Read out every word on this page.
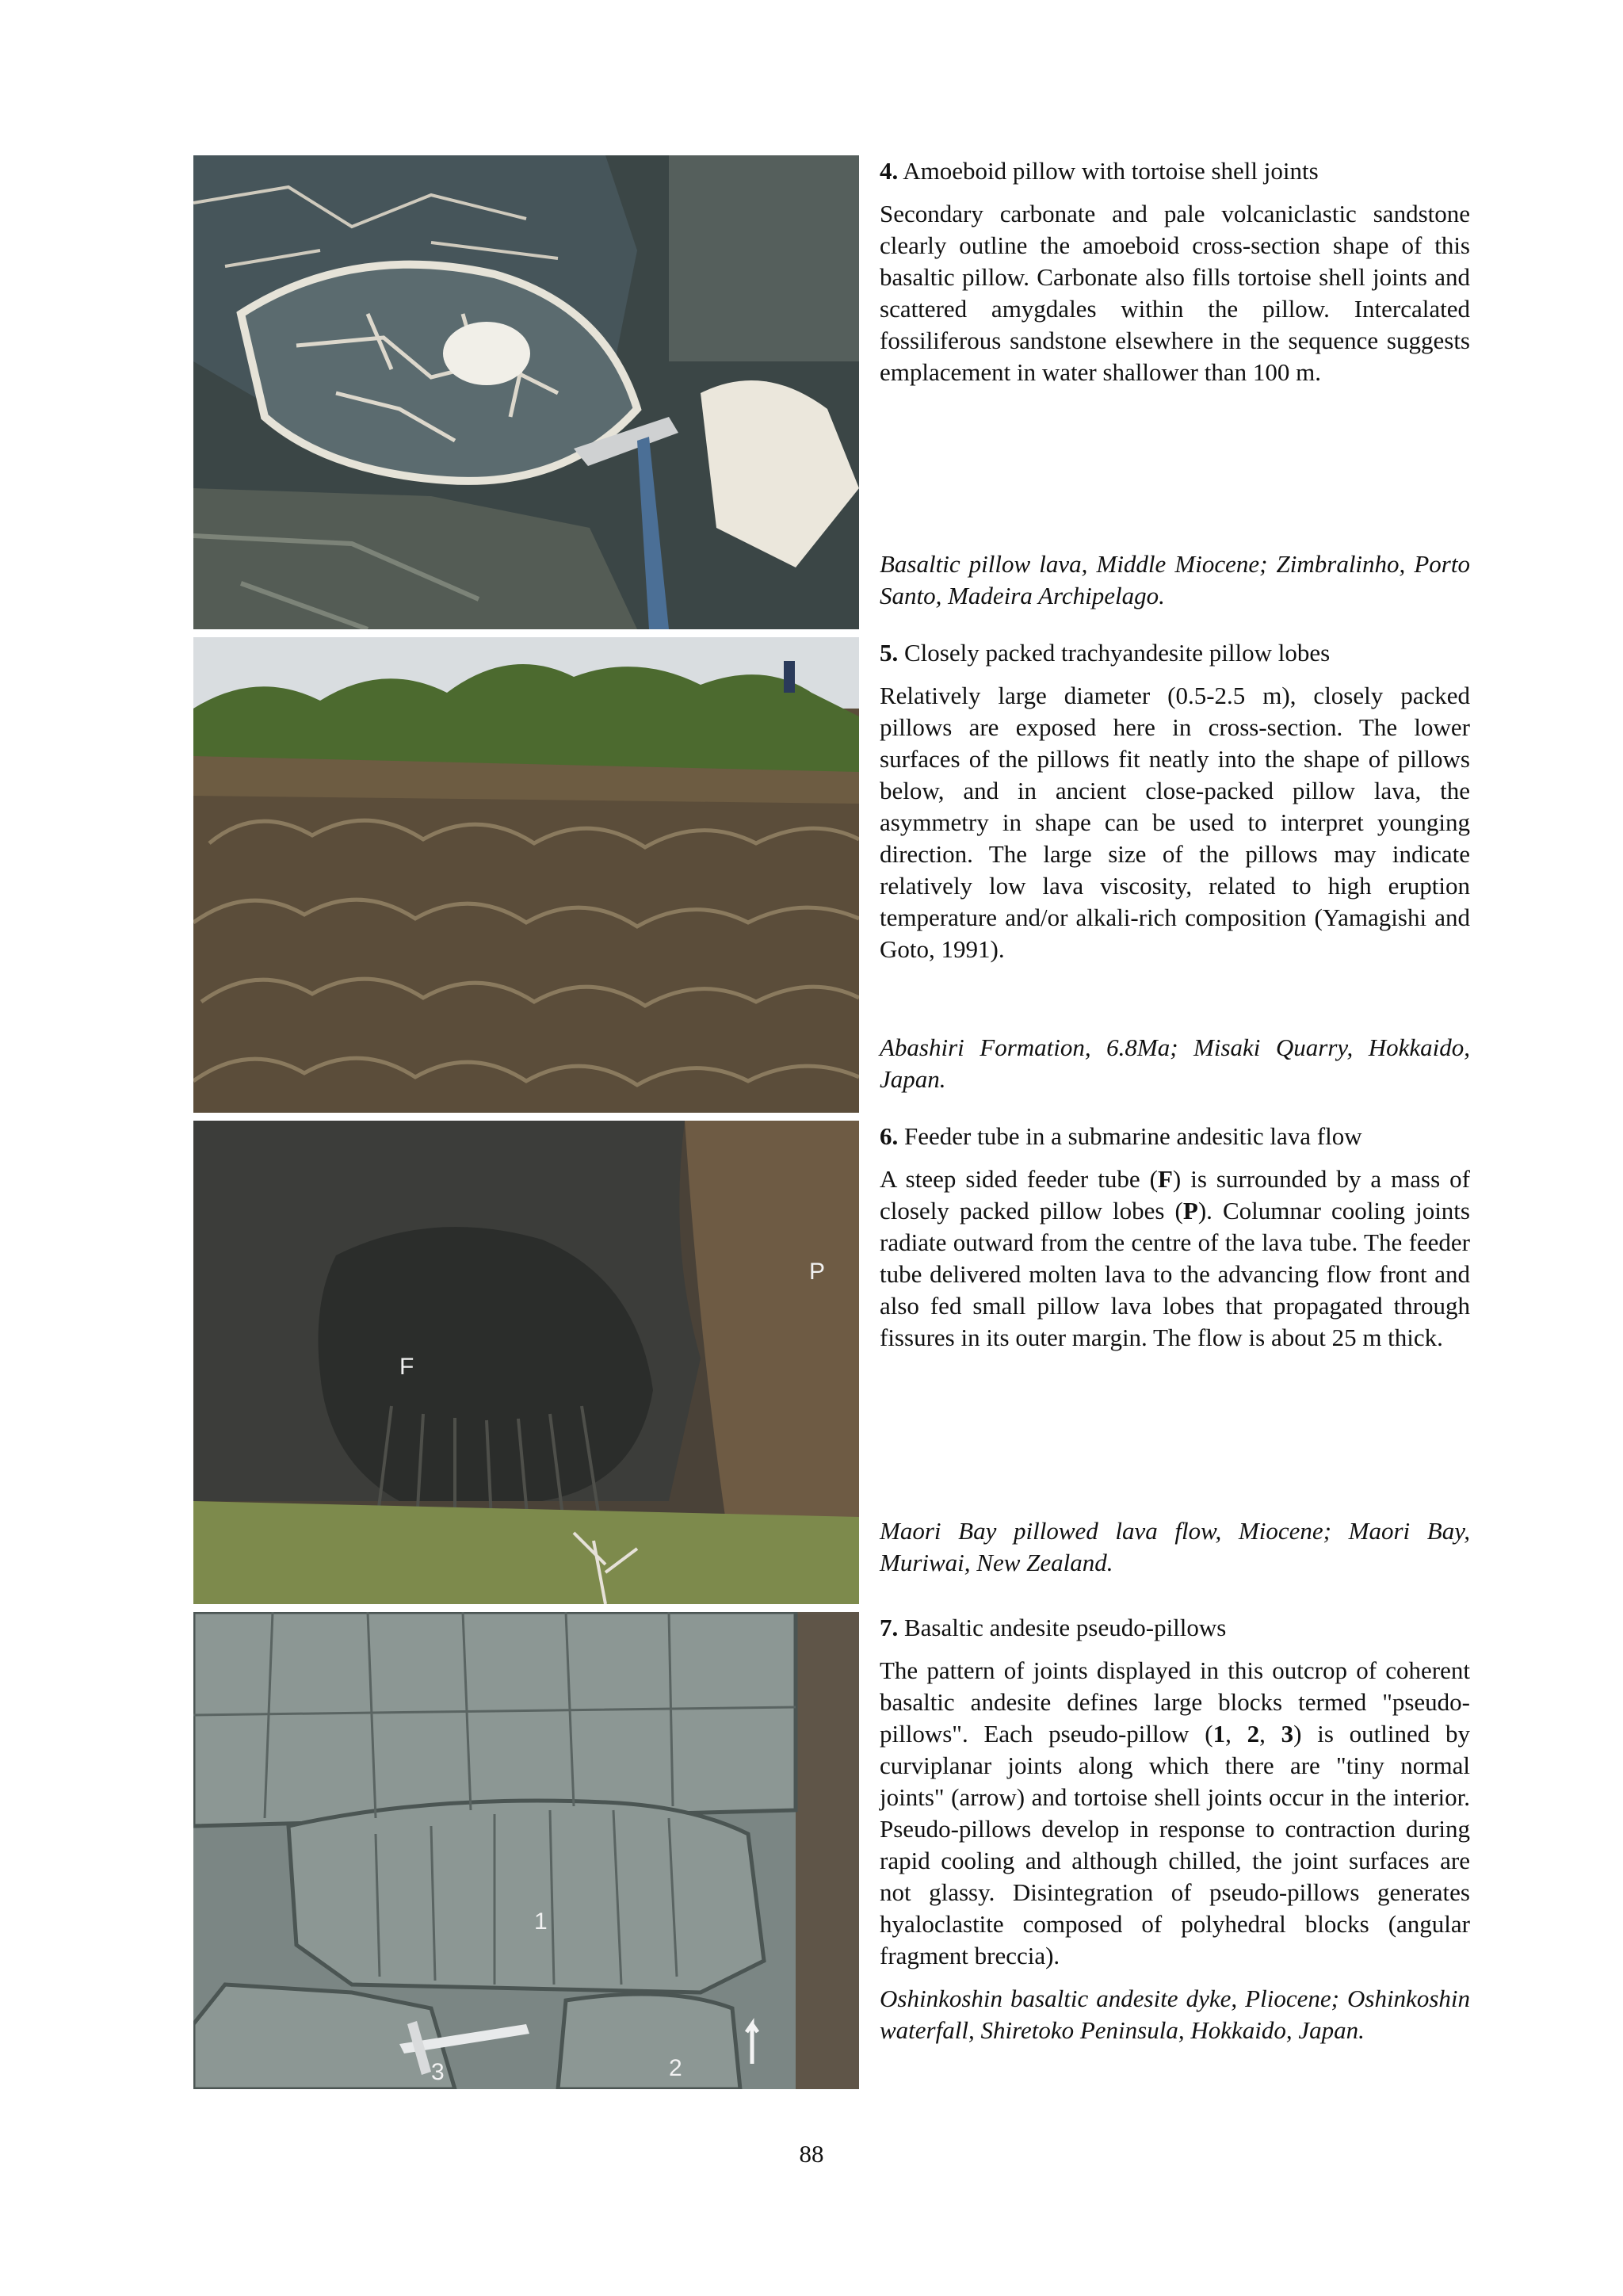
4. Amoeboid pillow with tortoise shell joints

Secondary carbonate and pale volcaniclastic sandstone clearly outline the amoeboid cross-section shape of this basaltic pillow. Carbonate also fills tortoise shell joints and scattered amygdales within the pillow. Intercalated fossiliferous sandstone elsewhere in the sequence suggests emplacement in water shallower than 100 m.

Basaltic pillow lava, Middle Miocene; Zimbralinho, Porto Santo, Madeira Archipelago.

5. Closely packed trachyandesite pillow lobes

Relatively large diameter (0.5-2.5 m), closely packed pillows are exposed here in cross-section. The lower surfaces of the pillows fit neatly into the shape of pillows below, and in ancient close-packed pillow lava, the asymmetry in shape can be used to interpret younging direction. The large size of the pillows may indicate relatively low lava viscosity, related to high eruption temperature and/or alkali-rich composition (Yamagishi and Goto, 1991).

Abashiri Formation, 6.8Ma; Misaki Quarry, Hokkaido, Japan.

F
P

6. Feeder tube in a submarine andesitic lava flow

A steep sided feeder tube (F) is surrounded by a mass of closely packed pillow lobes (P). Columnar cooling joints radiate outward from the centre of the lava tube. The feeder tube delivered molten lava to the advancing flow front and also fed small pillow lava lobes that propagated through fissures in its outer margin. The flow is about 25 m thick.

Maori Bay pillowed lava flow, Miocene; Maori Bay, Muriwai, New Zealand.

1
2
3

7. Basaltic andesite pseudo-pillows

The pattern of joints displayed in this outcrop of coherent basaltic andesite defines large blocks termed "pseudo-pillows". Each pseudo-pillow (1, 2, 3) is outlined by curviplanar joints along which there are "tiny normal joints" (arrow) and tortoise shell joints occur in the interior. Pseudo-pillows develop in response to contraction during rapid cooling and although chilled, the joint surfaces are not glassy. Disintegration of pseudo-pillows generates hyaloclastite composed of polyhedral blocks (angular fragment breccia).

Oshinkoshin basaltic andesite dyke, Pliocene; Oshinkoshin waterfall, Shiretoko Peninsula, Hokkaido, Japan.

88
